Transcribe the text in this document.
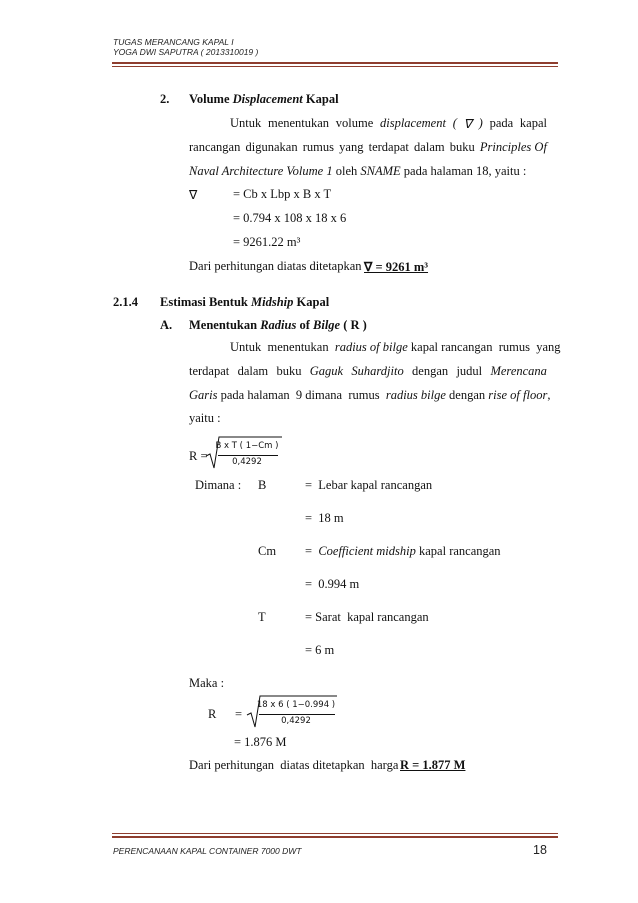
TUGAS MERANCANG KAPAL I
YOGA DWI SAPUTRA ( 2013310019 )
2. Volume Displacement Kapal
Untuk menentukan volume displacement ( ∇ ) pada kapal
rancangan digunakan rumus yang terdapat dalam buku Principles Of
Naval Architecture Volume 1 oleh SNAME pada halaman 18, yaitu :
∇	= Cb x Lbp x B x T
= 0.794 x 108 x 18 x 6
= 9261.22 m³
Dari perhitungan diatas ditetapkan ∇ = 9261 m³
2.1.4 Estimasi Bentuk Midship Kapal
A. Menentukan Radius of Bilge ( R )
Untuk  menentukan  radius of bilge kapal rancangan  rumus  yang
terdapat dalam buku Gaguk Suhardjito dengan judul Merencana
Garis pada halaman  9 dimana  rumus  radius bilge dengan rise of floor,
yaitu :
R =
B x T ( 1−Cm )
0,4292
Dimana : B	=  Lebar kapal rancangan
=  18 m
Cm =  Coefficient midship kapal rancangan
=  0.994 m
T	= Sarat  kapal rancangan
= 6 m
Maka :
R =
18 x 6 ( 1−0.994 )
0,4292
= 1.876 M
Dari perhitungan  diatas ditetapkan  harga R = 1.877 M
PERENCANAAN KAPAL CONTAINER 7000 DWT	18
